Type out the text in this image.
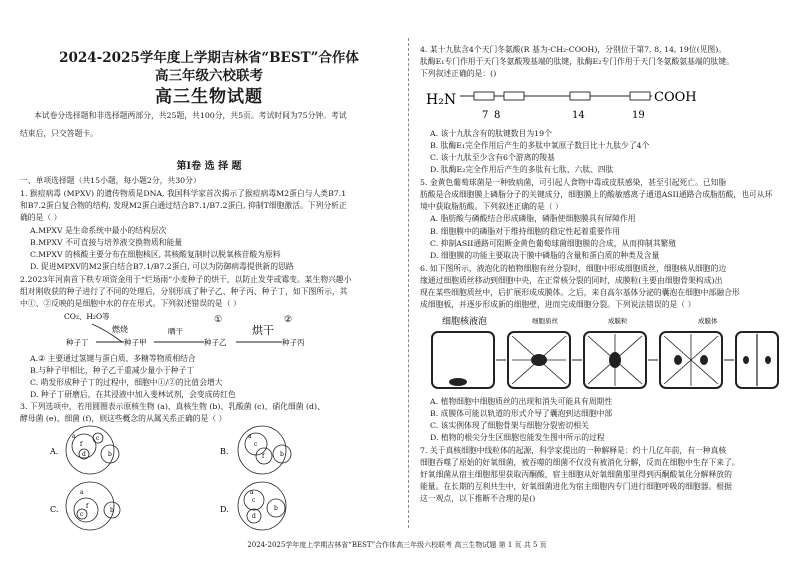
2024-2025学年度上学期吉林省“BEST”合作体
高三年级六校联考
高三生物试题
本试卷分选择题和非选择题两部分，共25题，共100分，共5页。考试时间为75分钟。考试
结束后，只交答题卡。
第Ⅰ卷 选 择 题
一、单项选择题（共15小题，每小题2分，共30分）
1. 猴痘病毒 (MPXV) 的遗传物质是DNA, 我国科学家首次揭示了猴痘病毒M2蛋白与人类B7.1
和B7.2蛋白复合物的结构, 发现M2蛋白通过结合B7.1/B7.2蛋白, 抑制T细胞激活。下列分析正
确的是（ ）
A.MPXV 是生命系统中最小的结构层次
B.MPXV 不可直接与培养液交换物质和能量
C.MPXV 的核酸主要分布在细胞核区, 其核酸复制时以脱氧核苷酸为原料
D. 促进MPXV的M2蛋白结合B7.1/B7.2蛋白, 可以为防御病毒提供新的思路
2.2023年河南首下秩专项资金用于“烂场雨”小麦种子的烘干，以防止发芽或霉变。某生物兴趣小
组对刚收获的种子进行了不同的处理后，分别形成了种子乙、种子丙、种子丁，如下图所示，其
中①、②反映的是细胞中水的存在形式。下列叙述错误的是（ ）
CO₂、H₂O等
燃烧
种子丁	种子甲
晒干
①
种子乙
烘干
②
种子丙
A.② 主要通过氢键与蛋白质、多糖等物质相结合
B.与种子甲相比，种子乙干重减少量小于种子丁
C. 萌发形成种子丁的过程中，细胞中①/②的比值会增大
D. 种子丁研磨后，在其浸液中加入斐林试剂，会变成砖红色
3. 下列选项中，若用圆圈表示原核生物 (a)、真核生物 (b)、乳酸菌 (c)、硝化细菌 (d)、
酵母菌 (e)、细菌 (f)，则这些概念的从属关系正确的是（ ）
A.
a
f
c
d	b	B.
a
c
f	b
C.
a
f
c
b	D.
a
c
d
b
4. 某十九肽含4个天门冬氨酸(R 基为-CH₂-COOH)，分别位于第7, 8, 14, 19位(见图)。
肽酶E₁专门作用于天门冬氨酸羧基端的肽键，肽酶E₂专门作用于天门冬氨酸氨基端的肽键。
下列叙述正确的是：()
H₂N	COOH
7 8	14	19
A. 该十九肽含有的肽键数目为19个
B. 肽酶E₁完全作用后产生的多肽中氧原子数目比十九肽少了4个
C. 该十九肽至少含有6个游离的羧基
D. 肽酶E₂完全作用后产生的多肽有七肽、六肽、四肽
5. 金黄色葡萄球菌是一种致病菌，可引起人食物中毒或皮肤感染，甚至引起死亡。已知脂
肪酸是合成细胞膜上磷脂分子的关键成分，细胞膜上的酸敏感离子通道ASII通路合成脂肪酸，也可从环
境中获取脂肪酸。下列叙述正确的是（ ）
A. 脂肪酸与磷酸结合形成磷脂，磷脂使细胞膜具有屏障作用
B. 细胞膜中的磷脂对于维持细胞的稳定性起着重要作用
C. 抑制ASII通路可阻断金黄色葡萄球菌细胞膜的合成，从而抑制其繁殖
D. 细胞膜的功能主要取决于膜中磷脂的含量和蛋白质的种类及含量
6. 如下图所示，液泡化的植物细胞有丝分裂时，细胞中形成细胞质丝，细胞核从细胞的边
缘通过细胞质丝移动到细胞中央，在正常核分裂的同时，成膜粒(主要由细胞骨架构成)出
现在某些细胞质丝中，后扩展形成成膜体。之后，来自高尔基体分泌的囊泡在细胞中部融合形
成细胞板，并逐步形成新的细胞壁，进而完成细胞分裂。下列说法错误的是（ ）
细胞核液泡	细胞质丝	成膜粒	成膜体
A. 植物细胞中细胞质丝的出现和消失可能具有周期性
B. 成膜体可能以轨道的形式介导了囊泡到达细胞中部
C. 该实例体现了细胞骨架与细胞分裂密切相关
D. 植物的根尖分生区细胞也能发生图中所示的过程
7. 关于真核细胞中线粒体的起源，科学家提出的一种解释是：约十几亿年前，有一种真核
细胞吞噬了原始的好氧细菌，被吞噬的细菌不仅没有被消化分解，反而在细胞中生存下来了。
好氧细菌从宿主细胞那里获取丙酮酸，宿主细胞从好氧细菌那里得到丙酮酸氧化分解释放的
能量。在长期的互利共生中，好氧细菌进化为宿主细胞内专门进行细胞呼吸的细胞器。根据
这一观点，以下推断不合理的是()
2024-2025学年度上学期吉林省“BEST”合作体高三年级六校联考 高三生物试题 第 1 页 共 5 页
